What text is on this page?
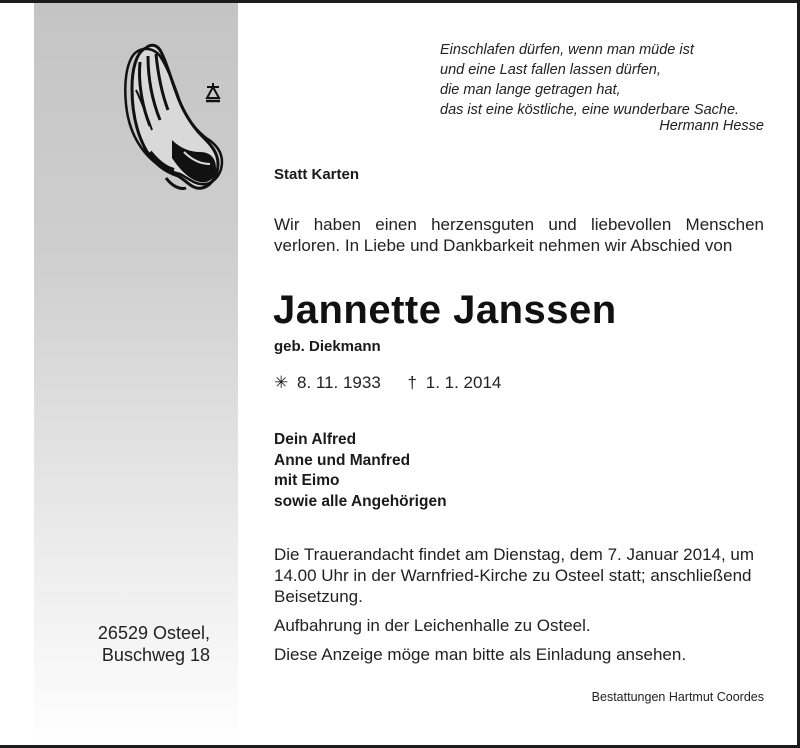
Einschlafen dürfen, wenn man müde ist
und eine Last fallen lassen dürfen,
die man lange getragen hat,
das ist eine köstliche, eine wunderbare Sache.
Hermann Hesse
Statt Karten
Wir haben einen herzensguten und liebevollen Menschen
verloren. In Liebe und Dankbarkeit nehmen wir Abschied von
Jannette Janssen
geb. Diekmann
✳ 8. 11. 1933 † 1. 1. 2014
Dein Alfred
Anne und Manfred
mit Eimo
sowie alle Angehörigen

Die Trauerandacht findet am Dienstag, dem 7. Januar 2014, um
14.00 Uhr in der Warnfried-Kirche zu Osteel statt; anschließend
Beisetzung.

Aufbahrung in der Leichenhalle zu Osteel.

Diese Anzeige möge man bitte als Einladung ansehen.

26529 Osteel,
Buschweg 18
Bestattungen Hartmut Coordes
